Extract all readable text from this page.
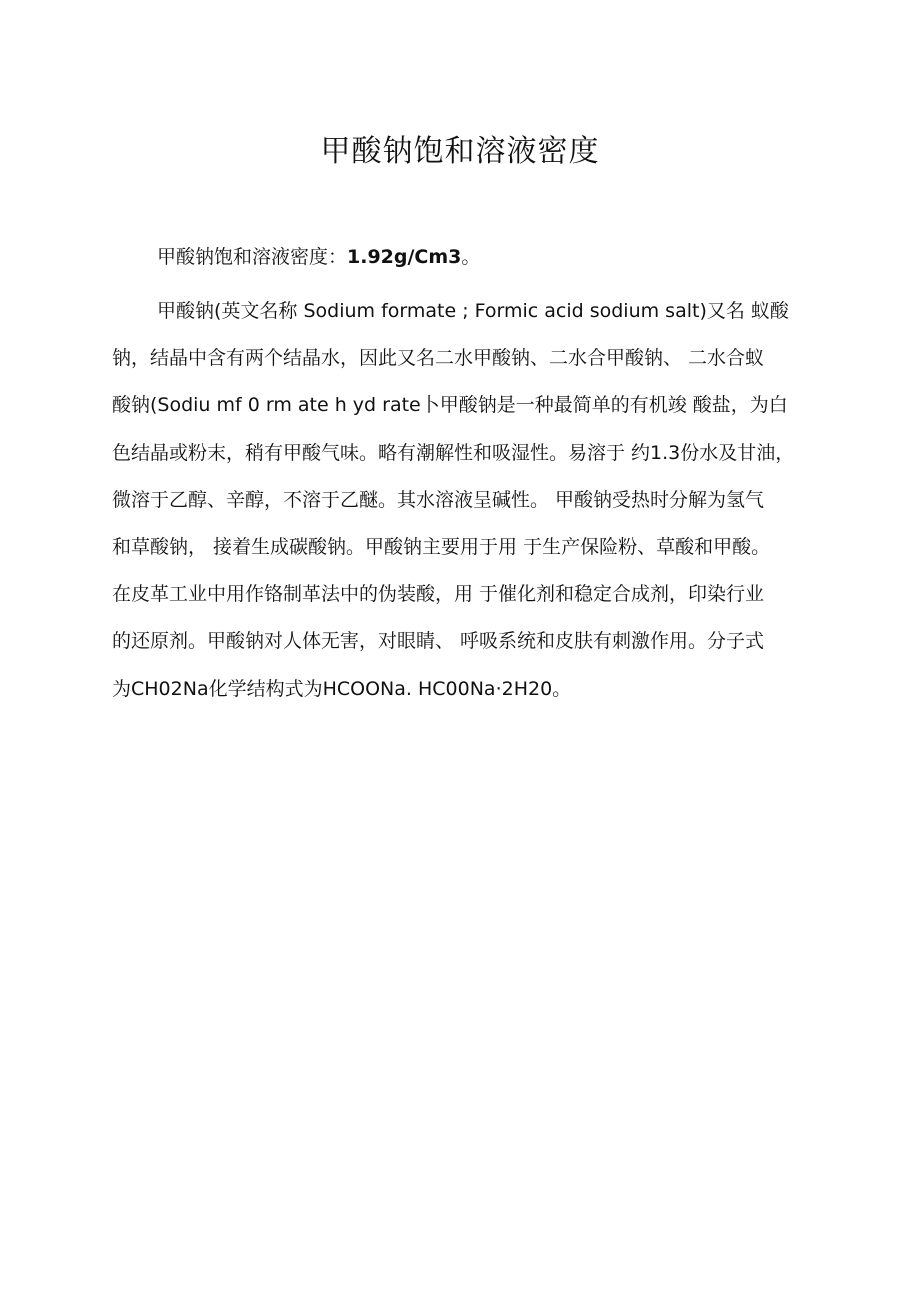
甲酸钠饱和溶液密度
甲酸钠饱和溶液密度：1.92g/Cm3。
甲酸钠(英文名称 Sodium formate ; Formic acid sodium salt)又名 蚁酸
钠，结晶中含有两个结晶水，因此又名二水甲酸钠、二水合甲酸钠、 二水合蚁
酸钠(Sodiu mf 0 rm ate h yd rate卜甲酸钠是一种最简单的有机竣 酸盐，为白
色结晶或粉末，稍有甲酸气味。略有潮解性和吸湿性。易溶于 约1.3份水及甘油，
微溶于乙醇、辛醇，不溶于乙醚。其水溶液呈碱性。 甲酸钠受热时分解为氢气
和草酸钠， 接着生成碳酸钠。甲酸钠主要用于用 于生产保险粉、草酸和甲酸。
在皮革工业中用作铬制革法中的伪装酸，用 于催化剂和稳定合成剂，印染行业
的还原剂。甲酸钠对人体无害，对眼睛、 呼吸系统和皮肤有刺激作用。分子式
为CH02Na化学结构式为HCOONa. HC00Na·2H20。
